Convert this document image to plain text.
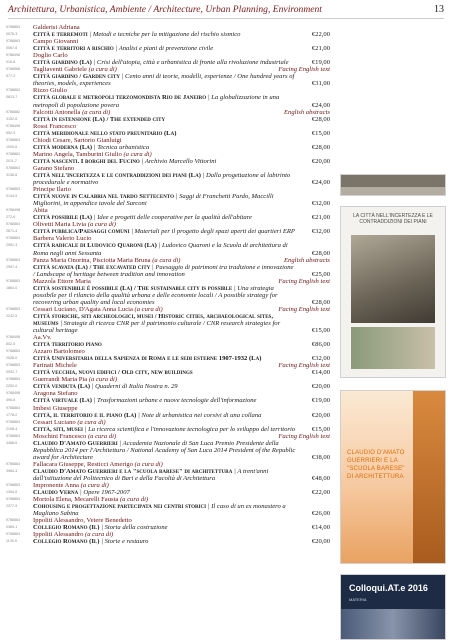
Architettura, Urbanistica, Ambiente / Architecture, Urban Planning, Environment	13
9788863
0976-3
Galderisi Adriana
Città e terremoti | Metodi e tecniche per la mitigazione del rischio sismico	€22,00
9788863
0067-6
Campo Giovanni
Città e territori a rischio | Analisi e piani di prevenzione civile	€21,00
9788498
016-8
Doglio Carlo
Città giardino (La) | Crisi dell'utopia, città e urbanistica di fronte alla rivoluzione industriale	€19,00
9788568
577-2
Tagliaventi Gabriele (a cura di)	Facing English text
Città giardino / Garden city | Cento anni di teorie, modelli, esperienze / One hundred years of theories, models, experiences	€31,00
9788863
0813-7
Rizzo Giulio
Città globale e metropoli terzomondista Rio de Janeiro | La globalizzazione in una metropoli di popolazione povera	€24,00
9788882
3152-6
Falcotti Antonella (a cura di)	English abstracts
Città in estensione (La) / The extended city	€28,00
9788498
552-9
Rossi Francesco
Città meridionale nello stato preunitario (La)	€15,00
9788863
1009-6
Chiodi Cesare, Sartorio Gianluigi
Città moderna (La) | Tecnica urbanistica	€28,00
9788863
2011-7
Marino Angela, Tamburini Giulio (a cura di)
Città nascenti. I borghi del Fucino | Archivio Marcello Vittorini	€20,00
9788863
3136-6
Garano Stefano
Città nell'incertezza e le contraddizioni dei piani (La) | Dalla progettazione al labirinto procedurale e normativo	€24,00
9788863
0134-5
Principe Ilario
Città nuove in Calabria nel tardo Settecento | Saggi di Franchetti Pardo, Maccilli Migliorini, in appendice tavole del Sarconi	€32,00
9788498
272-6
Abita
Città possibile (La) | Idee e progetti delle cooperative per la qualità dell'abitare	€21,00
9788863
2671-4
Olivetti Maria Livia (a cura di)
Città pubblica/Paesaggi comuni | Materiali per il progetto degli spazi aperti dei quartieri ERP	€32,00
9788863
2981-3
Barbera Valerio Lucio
Città radicale di Ludovico Quaroni (La) | Ludovico Quaroni e la Scuola di architettura di Roma negli anni Sessanta	€28,00
9788863
2997-4
Panza Maria Onorina, Pisciotta Maria Bruna (a cura di)	English abstracts
Città scavata (La) / The excavated city | Paesaggio di patrimoni tra tradizione e innovazione / Landscape of heritage between tradition and innovation	€25,00
9788863
1864-0
Mazzola Ettore Maria	Facing English text
Città sostenibile è possibile (La) / The sustainable city is possible | Una strategia possibile per il rilancio della qualità urbana e delle economie locali / A possible strategy for recovering urban quality and local economies	€28,00
9788863
2242-5
Cessari Luciano, D'Agata Anna Lucia (a cura di)	Facing English text
Città storiche, siti archeologici, musei / Historic cities, archaeological sites, museums | Strategie di ricerca CNR per il patrimonio culturale / CNR research strategies for cultural heritage	€15,00
9788498
802-5
Aa.Vv.
Città territorio piano	€86,00
9788863
2528-0
Azzaro Bartolomeo
Città Universitaria della Sapienza di Roma e le sedi esterne 1907-1932 (La)	€32,00
9788863
0932-7
Farinati Michele	Facing English text
Città vecchia, nuovi edifici / Old city, new buildings	€14,00
9788863
2250-0
Guerrandi Maria Pia (a cura di)
Città venduta (La) | Quaderni di Italia Nostra n. 29	€20,00
9788498
496-6
Aragona Stefano
Città virtuale (La) | Trasformazioni urbane e nuove tecnologie dell'informazione	€19,00
9788863
1778-0
Imbesi Giuseppe
Città, il territorio e il piano (La) | Note di urbanistica nei corsivi di una collana	€20,00
9788863
2108-4
Cessari Luciano (a cura di)
Città, siti, musei | La ricerca scientifica e l'innovazione tecnologica per lo sviluppo del territorio	€15,00
9788863
3488-6
Moschini Francesco (a cura di)	Facing English text
Claudio D'Amato Guerrieri | Accademia Nazionale di San Luca Premio Presidente della Repubblica 2014 per l'Architettura / National Academy of San Luca 2014 President of the Republic award for Architecture	€38,00
9788863
3984-3
Fallacara Giuseppe, Resticci Amerigo (a cura di)
Claudio D'Amato Guerrieri e la "scuola barese" di architettura | A trent'anni dall'istituzione del Politecnico di Bari e della Facoltà di Architettura	€48,00
9788863
1354-6
Impronente Anna (a cura di)
Claudio Verna | Opere 1967-2007	€22,00
9788863
2377-9
Mortola Elena, Mecarelli Fausta (a cura di)
Cohousing e progettazione partecipata nei centri storici | Il caso di un ex monastero a Magliano Sabina	€26,00
9788863
0369-1
Ippoliti Alessandro, Vetere Benedetto
Collegio Romano (Il) | Storia della costruzione	€14,00
9788863
1139-9
Ippoliti Alessandro (a cura di)
Collegio Romano (Il) | Storie e restauro	€20,00
LA CITTÀ NELL'INCERTEZZA E LE CONTRADDIZIONI DEI PIANI
CLAUDIO D'AMATO GUERRIERI E LA "SCUOLA BARESE" DI ARCHITETTURA
Colloqui.AT.e 2016
MATERIA
